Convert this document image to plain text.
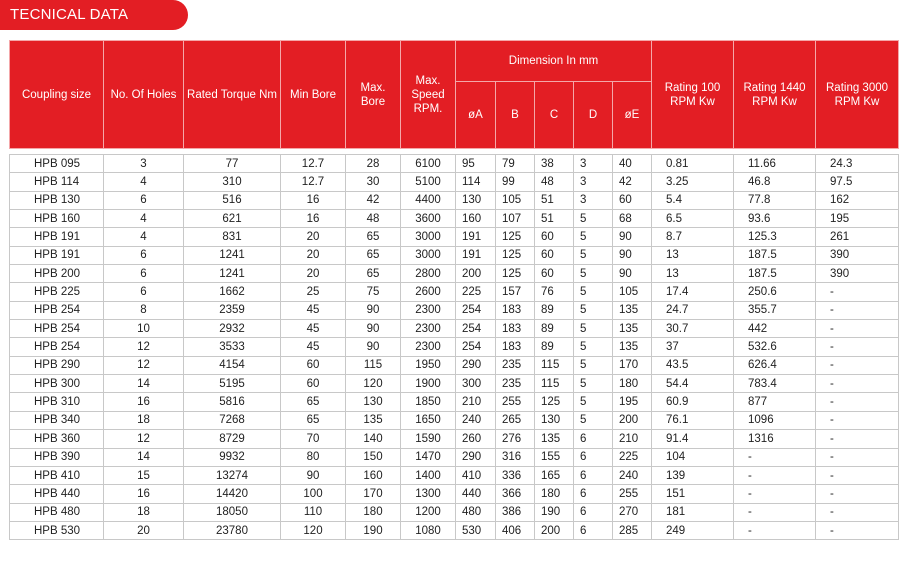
TECNICAL DATA
Coupling size	No. Of Holes	Rated Torque Nm	Min Bore	Max. Bore	Max. Speed RPM.	Dimension In mm					Rating 100 RPM Kw	Rating 1440 RPM Kw	Rating 3000 RPM Kw
						øA	B	C	D	øE			

HPB 095	3	77	12.7	28	6100	95	79	38	3	40	0.81	11.66	24.3
HPB 114	4	310	12.7	30	5100	114	99	48	3	42	3.25	46.8	97.5
HPB 130	6	516	16	42	4400	130	105	51	3	60	5.4	77.8	162
HPB 160	4	621	16	48	3600	160	107	51	5	68	6.5	93.6	195
HPB 191	4	831	20	65	3000	191	125	60	5	90	8.7	125.3	261
HPB 191	6	1241	20	65	3000	191	125	60	5	90	13	187.5	390
HPB 200	6	1241	20	65	2800	200	125	60	5	90	13	187.5	390
HPB 225	6	1662	25	75	2600	225	157	76	5	105	17.4	250.6	-
HPB 254	8	2359	45	90	2300	254	183	89	5	135	24.7	355.7	-
HPB 254	10	2932	45	90	2300	254	183	89	5	135	30.7	442	-
HPB 254	12	3533	45	90	2300	254	183	89	5	135	37	532.6	-
HPB 290	12	4154	60	115	1950	290	235	115	5	170	43.5	626.4	-
HPB 300	14	5195	60	120	1900	300	235	115	5	180	54.4	783.4	-
HPB 310	16	5816	65	130	1850	210	255	125	5	195	60.9	877	-
HPB 340	18	7268	65	135	1650	240	265	130	5	200	76.1	1096	-
HPB 360	12	8729	70	140	1590	260	276	135	6	210	91.4	1316	-
HPB 390	14	9932	80	150	1470	290	316	155	6	225	104	-	-
HPB 410	15	13274	90	160	1400	410	336	165	6	240	139	-	-
HPB 440	16	14420	100	170	1300	440	366	180	6	255	151	-	-
HPB 480	18	18050	110	180	1200	480	386	190	6	270	181	-	-
HPB 530	20	23780	120	190	1080	530	406	200	6	285	249	-	-
